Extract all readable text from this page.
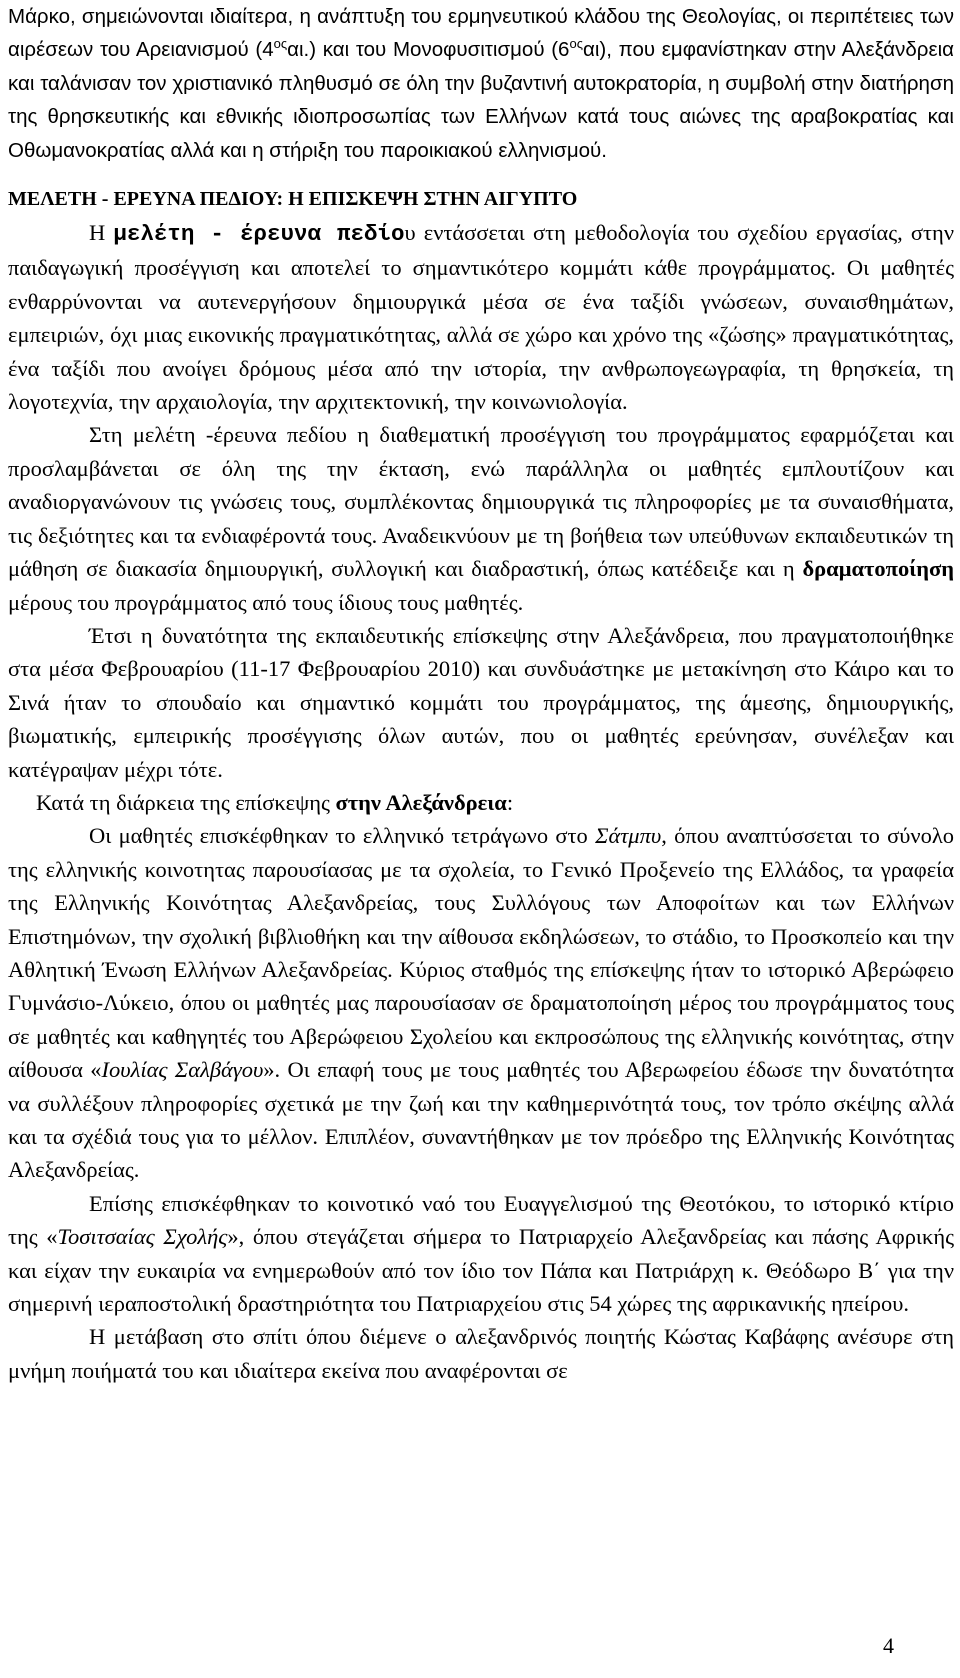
Μάρκο, σημειώνονται ιδιαίτερα, η ανάπτυξη του ερμηνευτικού κλάδου της Θεολογίας, οι περιπέτειες των αιρέσεων του Αρειανισμού $(4^{o\varsigma}\alpha\iota.)$ και του Μονοφυσιτισμού $(6^{o\varsigma}\alpha\iota)$, που εμφανίστηκαν στην Αλεξάνδρεια και ταλάνισαν τον χριστιανικό πληθυσμό σε όλη την βυζαντινή αυτοκρατορία, η συμβολή στην διατήρηση της θρησκευτικής και εθνικής ιδιοπροσωπίας των Ελλήνων κατά τους αιώνες της αραβοκρατίας και Οθωμανοκρατίας αλλά και η στήριξη του παροικιακού ελληνισμού.

ΜΕΛΕΤΗ - ΕΡΕΥΝΑ ΠΕΔΙΟΥ: Η ΕΠΙΣΚΕΨΗ ΣΤΗΝ ΑΙΓΥΠΤΟ

Η μελέτη - έρευνα πεδίου εντάσσεται στη μεθοδολογία του σχεδίου εργασίας, στην παιδαγωγική προσέγγιση και αποτελεί το σημαντικότερο κομμάτι κάθε προγράμματος. Οι μαθητές ενθαρρύνονται να αυτενεργήσουν δημιουργικά μέσα σε ένα ταξίδι γνώσεων, συναισθημάτων, εμπειριών, όχι μιας εικονικής πραγματικότητας, αλλά σε χώρο και χρόνο της «ζώσης» πραγματικότητας, ένα ταξίδι που ανοίγει δρόμους μέσα από την ιστορία, την ανθρωπογεωγραφία, τη θρησκεία, τη λογοτεχνία, την αρχαιολογία, την αρχιτεκτονική, την κοινωνιολογία.

Στη μελέτη -έρευνα πεδίου η διαθεματική προσέγγιση του προγράμματος εφαρμόζεται και προσλαμβάνεται σε όλη της την έκταση, ενώ παράλληλα οι μαθητές εμπλουτίζουν και αναδιοργανώνουν τις γνώσεις τους, συμπλέκοντας δημιουργικά τις πληροφορίες με τα συναισθήματα, τις δεξιότητες και τα ενδιαφέροντά τους. Αναδεικνύουν με τη βοήθεια των υπεύθυνων εκπαιδευτικών τη μάθηση σε διακασία δημιουργική, συλλογική και διαδραστική, όπως κατέδειξε και η δραματοποίηση μέρους του προγράμματος από τους ίδιους τους μαθητές.

Έτσι η δυνατότητα της εκπαιδευτικής επίσκεψης στην Αλεξάνδρεια, που πραγματοποιήθηκε στα μέσα Φεβρουαρίου (11-17 Φεβρουαρίου 2010) και συνδυάστηκε με μετακίνηση στο Κάιρο και το Σινά ήταν το σπουδαίο και σημαντικό κομμάτι του προγράμματος, της άμεσης, δημιουργικής, βιωματικής, εμπειρικής προσέγγισης όλων αυτών, που οι μαθητές ερεύνησαν, συνέλεξαν και κατέγραψαν μέχρι τότε.

Κατά τη διάρκεια της επίσκεψης στην Αλεξάνδρεια:

Οι μαθητές επισκέφθηκαν το ελληνικό τετράγωνο στο Σάτμπυ, όπου αναπτύσσεται το σύνολο της ελληνικής κοινοτητας παρουσίασας με τα σχολεία, το Γενικό Προξενείο της Ελλάδος, τα γραφεία της Ελληνικής Κοινότητας Αλεξανδρείας, τους Συλλόγους των Αποφοίτων και των Ελλήνων Επιστημόνων, την σχολική βιβλιοθήκη και την αίθουσα εκδηλώσεων, το στάδιο, το Προσκοπείο και την Αθλητική Ένωση Ελλήνων Αλεξανδρείας. Κύριος σταθμός της επίσκεψης ήταν το ιστορικό Αβερώφειο Γυμνάσιο-Λύκειο, όπου οι μαθητές μας παρουσίασαν σε δραματοποίηση μέρος του προγράμματος τους σε μαθητές και καθηγητές του Αβερώφειου Σχολείου και εκπροσώπους της ελληνικής κοινότητας, στην αίθουσα «Ιουλίας Σαλβάγου». Οι επαφή τους με τους μαθητές του Αβερωφείου έδωσε την δυνατότητα να συλλέξουν πληροφορίες σχετικά με την ζωή και την καθημερινότητά τους, τον τρόπο σκέψης αλλά και τα σχέδιά τους για το μέλλον. Επιπλέον, συναντήθηκαν με τον πρόεδρο της Ελληνικής Κοινότητας Αλεξανδρείας.

Επίσης επισκέφθηκαν το κοινοτικό ναό του Ευαγγελισμού της Θεοτόκου, το ιστορικό κτίριο της «Τοσιτσαίας Σχολής», όπου στεγάζεται σήμερα το Πατριαρχείο Αλεξανδρείας και πάσης Αφρικής και είχαν την ευκαιρία να ενημερωθούν από τον ίδιο τον Πάπα και Πατριάρχη κ. Θεόδωρο Β΄ για την σημερινή ιεραποστολική δραστηριότητα του Πατριαρχείου στις 54 χώρες της αφρικανικής ηπείρου.

Η μετάβαση στο σπίτι όπου διέμενε ο αλεξανδρινός ποιητής Κώστας Καβάφης ανέσυρε στη μνήμη ποιήματά του και ιδιαίτερα εκείνα που αναφέρονται σε

4
